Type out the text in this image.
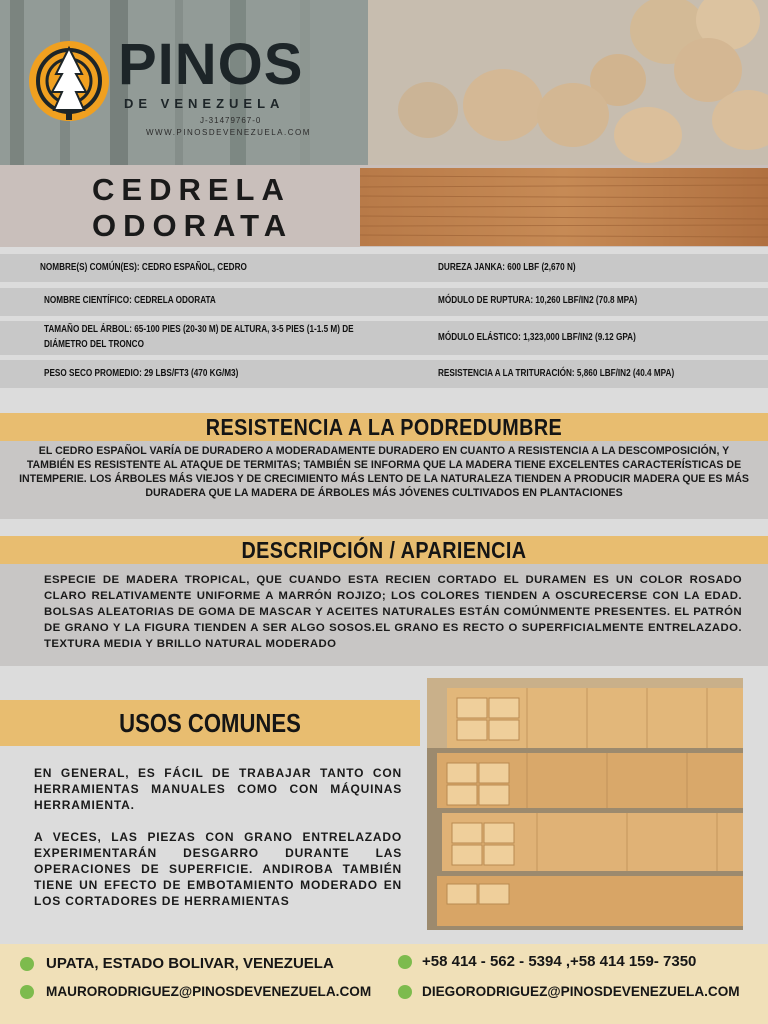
PINOS
DE VENEZUELA
J-31479767-0
WWW.PINOSDEVENEZUELA.COM
CEDRELA
ODORATA
NOMBRE(S) COMÚN(ES): CEDRO ESPAÑOL, CEDRO
NOMBRE CIENTÍFICO: CEDRELA ODORATA
TAMAÑO DEL ÁRBOL: 65-100 PIES (20-30 M) DE ALTURA, 3-5 PIES (1-1.5 M) DE DIÁMETRO DEL TRONCO
PESO SECO PROMEDIO: 29 LBS/FT3 (470 KG/M3)
DUREZA JANKA: 600 LBF (2,670 N)
MÓDULO DE RUPTURA: 10,260 LBF/IN2 (70.8 MPA)
MÓDULO ELÁSTICO: 1,323,000 LBF/IN2 (9.12 GPA)
RESISTENCIA A LA TRITURACIÓN: 5,860 LBF/IN2 (40.4 MPA)
RESISTENCIA A LA PODREDUMBRE
EL CEDRO ESPAÑOL VARÍA DE DURADERO A MODERADAMENTE DURADERO EN CUANTO A RESISTENCIA A LA DESCOMPOSICIÓN, Y TAMBIÉN ES RESISTENTE AL ATAQUE DE TERMITAS; TAMBIÉN SE INFORMA QUE LA MADERA TIENE EXCELENTES CARACTERÍSTICAS DE INTEMPERIE. LOS ÁRBOLES MÁS VIEJOS Y DE CRECIMIENTO MÁS LENTO DE LA NATURALEZA TIENDEN A PRODUCIR MADERA QUE ES MÁS DURADERA QUE LA MADERA DE ÁRBOLES MÁS JÓVENES CULTIVADOS EN PLANTACIONES
DESCRIPCIÓN / APARIENCIA
ESPECIE DE MADERA TROPICAL, QUE CUANDO ESTA RECIEN CORTADO EL DURAMEN ES UN COLOR ROSADO CLARO RELATIVAMENTE UNIFORME A MARRÓN ROJIZO; LOS COLORES TIENDEN A OSCURECERSE CON LA EDAD. BOLSAS ALEATORIAS DE GOMA DE MASCAR Y ACEITES NATURALES ESTÁN COMÚNMENTE PRESENTES. EL PATRÓN DE GRANO Y LA FIGURA TIENDEN A SER ALGO SOSOS.EL GRANO ES RECTO O SUPERFICIALMENTE ENTRELAZADO. TEXTURA MEDIA Y BRILLO NATURAL MODERADO
USOS COMUNES
EN GENERAL, ES FÁCIL DE TRABAJAR TANTO CON HERRAMIENTAS MANUALES COMO CON MÁQUINAS HERRAMIENTA.
A VECES, LAS PIEZAS CON GRANO ENTRELAZADO EXPERIMENTARÁN DESGARRO DURANTE LAS OPERACIONES DE SUPERFICIE. ANDIROBA TAMBIÉN TIENE UN EFECTO DE EMBOTAMIENTO MODERADO EN LOS CORTADORES DE HERRAMIENTAS
UPATA, ESTADO BOLIVAR, VENEZUELA	+58 414 - 562 - 5394 ,+58 414 159- 7350
MAURORODRIGUEZ@PINOSDEVENEZUELA.COM	DIEGORODRIGUEZ@PINOSDEVENEZUELA.COM
